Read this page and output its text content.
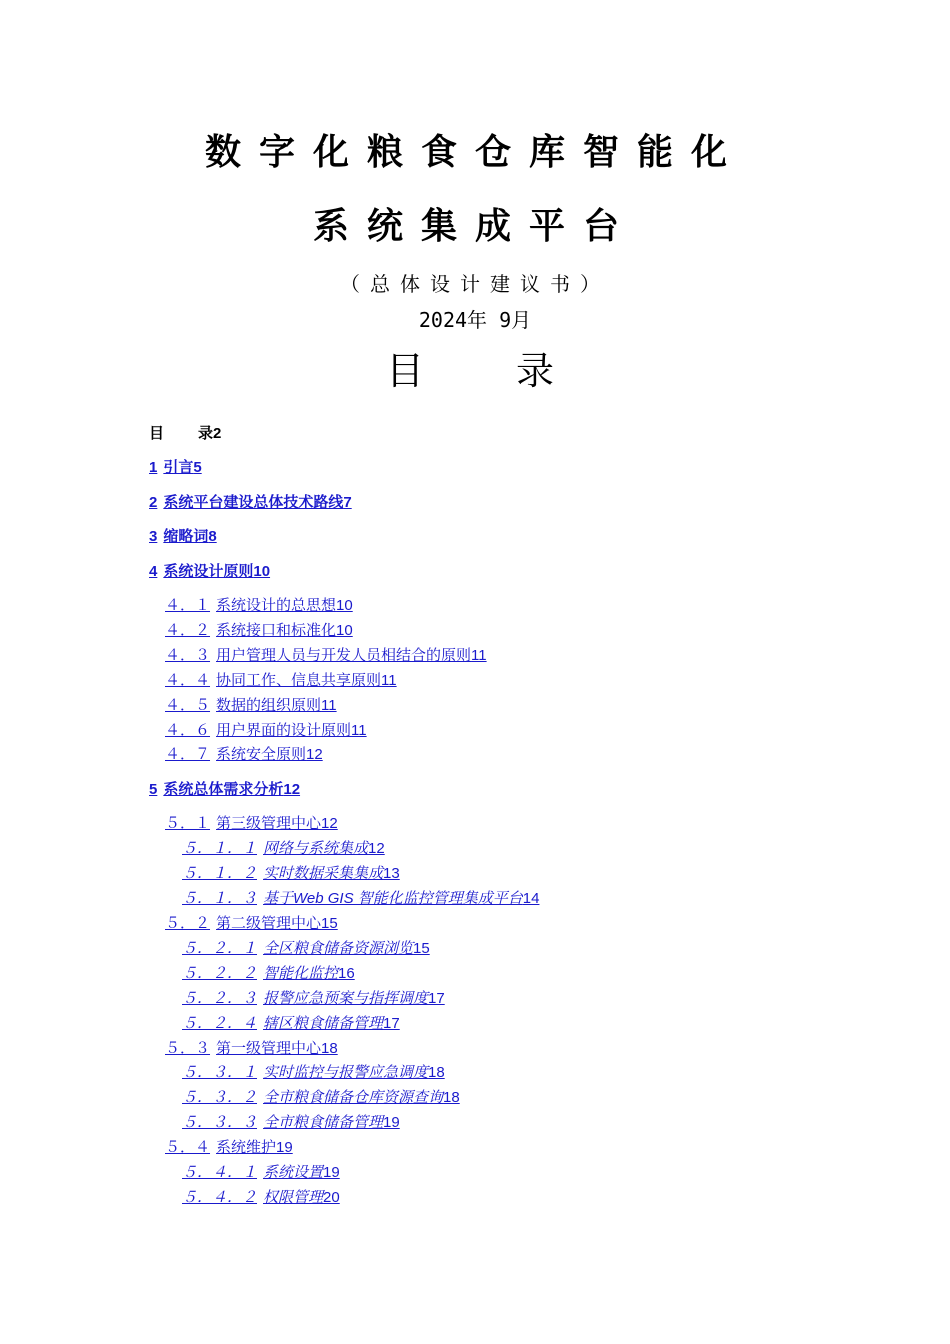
数字化粮食仓库智能化
系统集成平台
（总体设计建议书）
2024年 9月
目 录
目 录2
1 引言5
2 系统平台建设总体技术路线7
3 缩略词8
4 系统设计原则10
４．１ 系统设计的总思想10
４．２ 系统接口和标准化10
４．３ 用户管理人员与开发人员相结合的原则11
４．４ 协同工作、信息共享原则11
４．５ 数据的组织原则11
４．６ 用户界面的设计原则11
４．７ 系统安全原则12
5 系统总体需求分析12
５．１ 第三级管理中心12
５．１．１ 网络与系统集成12
５．１．２ 实时数据采集集成13
５．１．３ 基于Web GIS 智能化监控管理集成平台14
５．２ 第二级管理中心15
５．２．１ 全区粮食储备资源浏览15
５．２．２ 智能化监控16
５．２．３ 报警应急预案与指挥调度17
５．２．４ 辖区粮食储备管理17
５．３ 第一级管理中心18
５．３．１ 实时监控与报警应急调度18
５．３．２ 全市粮食储备仓库资源查询18
５．３．３ 全市粮食储备管理19
５．４ 系统维护19
５．４．１ 系统设置19
５．４．２ 权限管理20
